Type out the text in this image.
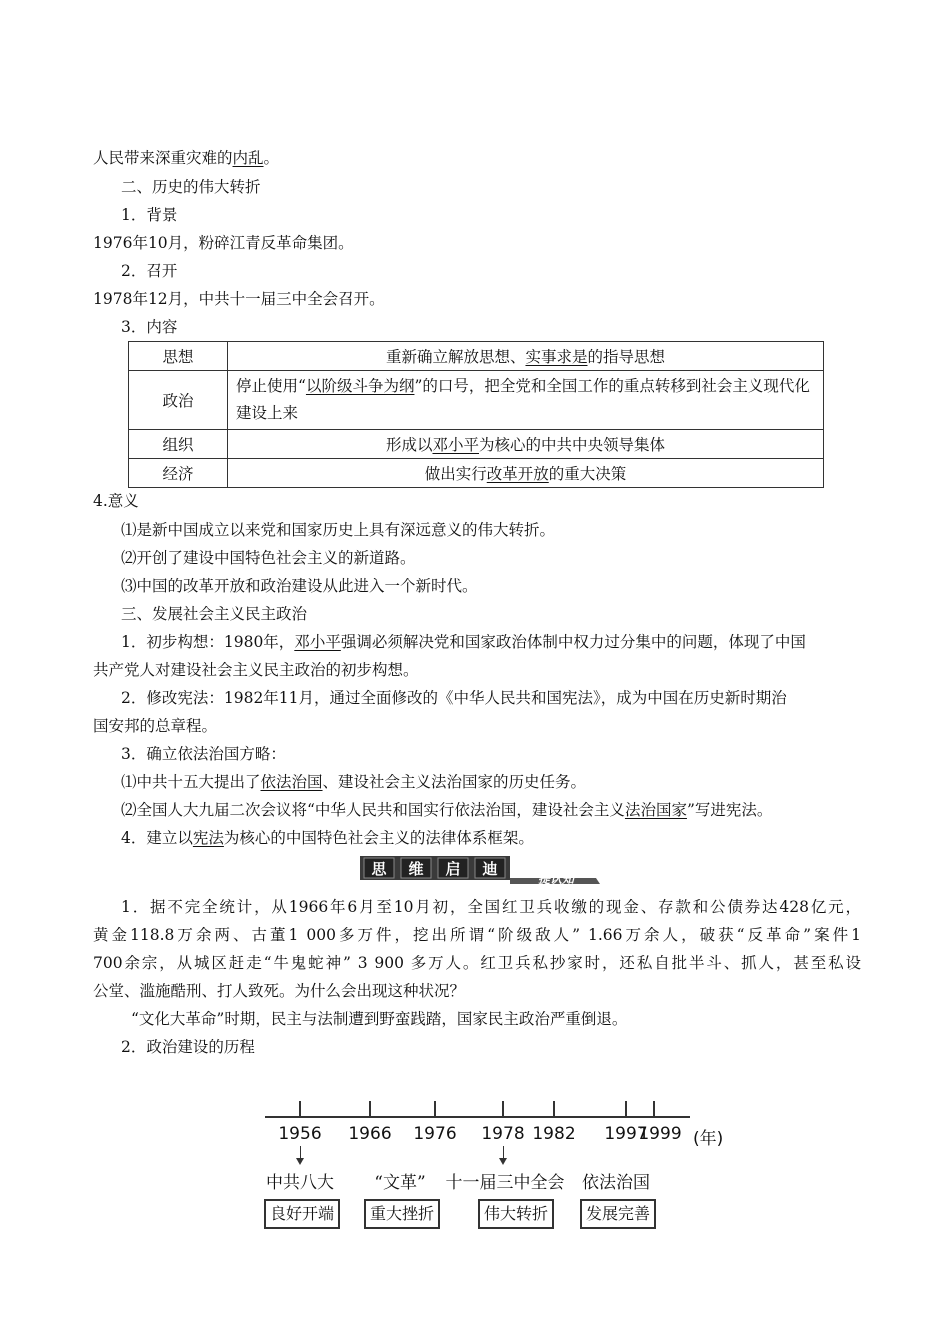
人民带来深重灾难的内乱。
二、历史的伟大转折
1．背景
1976年10月，粉碎江青反革命集团。
2．召开
1978年12月，中共十一届三中全会召开。
3．内容
思想	重新确立解放思想、实事求是的指导思想
政治	停止使用“以阶级斗争为纲”的口号，把全党和全国工作的重点转移到社会主义现代化建设上来
组织	形成以邓小平为核心的中共中央领导集体
经济	做出实行改革开放的重大决策
4.意义
⑴是新中国成立以来党和国家历史上具有深远意义的伟大转折。
⑵开创了建设中国特色社会主义的新道路。
⑶中国的改革开放和政治建设从此进入一个新时代。
三、发展社会主义民主政治
1．初步构想：1980年，邓小平强调必须解决党和国家政治体制中权力过分集中的问题，体现了中国
共产党人对建设社会主义民主政治的初步构想。
2．修改宪法：1982年11月，通过全面修改的《中华人民共和国宪法》，成为中国在历史新时期治
国安邦的总章程。
3．确立依法治国方略：
⑴中共十五大提出了依法治国、建设社会主义法治国家的历史任务。
⑵全国人大九届二次会议将“中华人民共和国实行依法治国，建设社会主义法治国家”写进宪法。
4．建立以宪法为核心的中国特色社会主义的法律体系框架。
思 维 启 迪
提认知
1．据不完全统计，从1966年6月至10月初，全国红卫兵收缴的现金、存款和公债券达428亿元，
黄金118.8万余两、古董1 000多万件，挖出所谓“阶级敌人” 1.66万余人，破获“反革命”案件1
700余宗，从城区赶走“牛鬼蛇神” 3 900 多万人。红卫兵私抄家时，还私自批半斗、抓人，甚至私设
公堂、滥施酷刑、打人致死。为什么会出现这种状况？
“文化大革命”时期，民主与法制遭到野蛮践踏，国家民主政治严重倒退。
2．政治建设的历程
1956 1966 1976 1978 1982 1997
1999 (年)
中共八大 “文革” 十一届三中全会 依法治国
良好开端	重大挫折	伟大转折	发展完善
